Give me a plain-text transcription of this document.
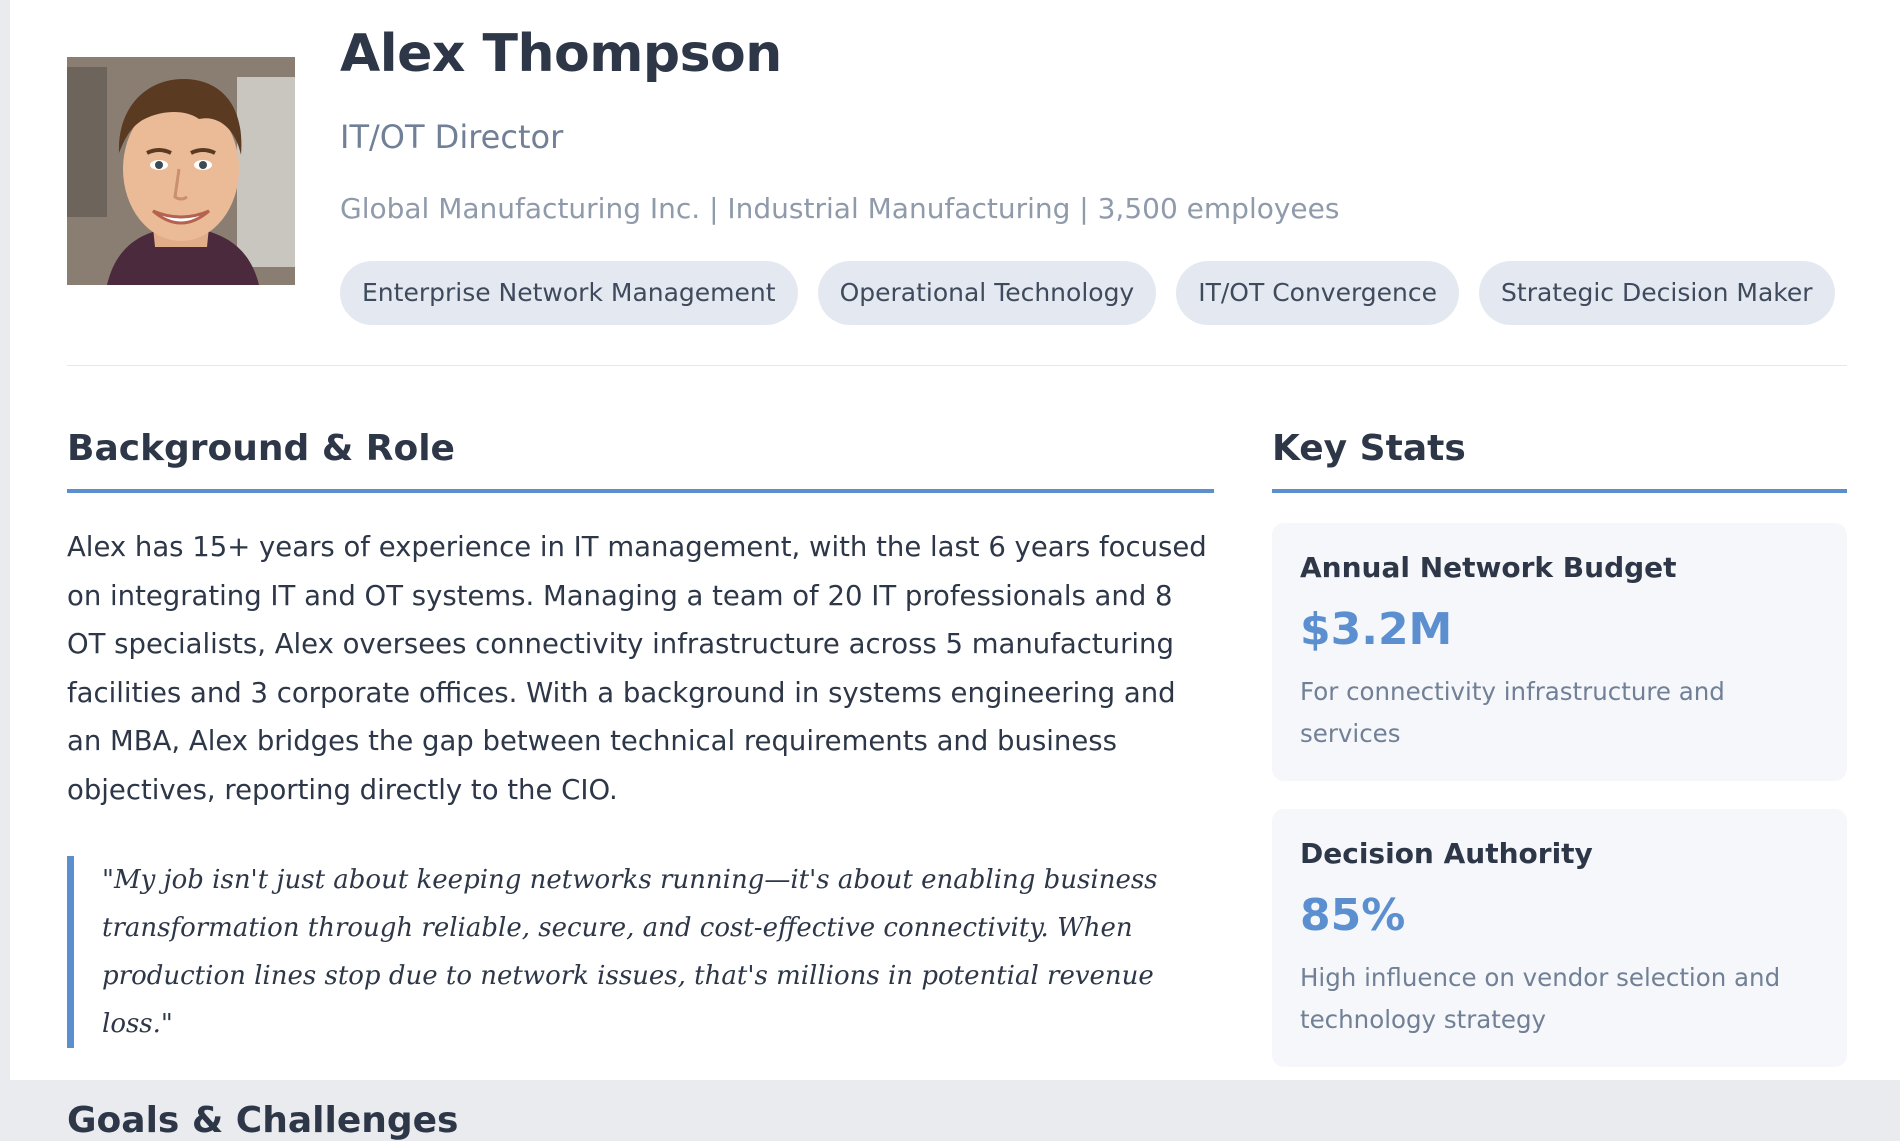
Alex Thompson
IT/OT Director
Global Manufacturing Inc. | Industrial Manufacturing | 3,500 employees
Enterprise Network Management	Operational Technology	IT/OT Convergence	Strategic Decision Maker
Background & Role

Alex has 15+ years of experience in IT management, with the last 6 years focused on integrating IT and OT systems. Managing a team of 20 IT professionals and 8 OT specialists, Alex oversees connectivity infrastructure across 5 manufacturing facilities and 3 corporate offices. With a background in systems engineering and an MBA, Alex bridges the gap between technical requirements and business objectives, reporting directly to the CIO.

"My job isn't just about keeping networks running—it's about enabling business transformation through reliable, secure, and cost-effective connectivity. When production lines stop due to network issues, that's millions in potential revenue loss."
Goals & Challenges
Key Stats
Annual Network Budget
$3.2M
For connectivity infrastructure and services
Decision Authority
85%
High influence on vendor selection and technology strategy
